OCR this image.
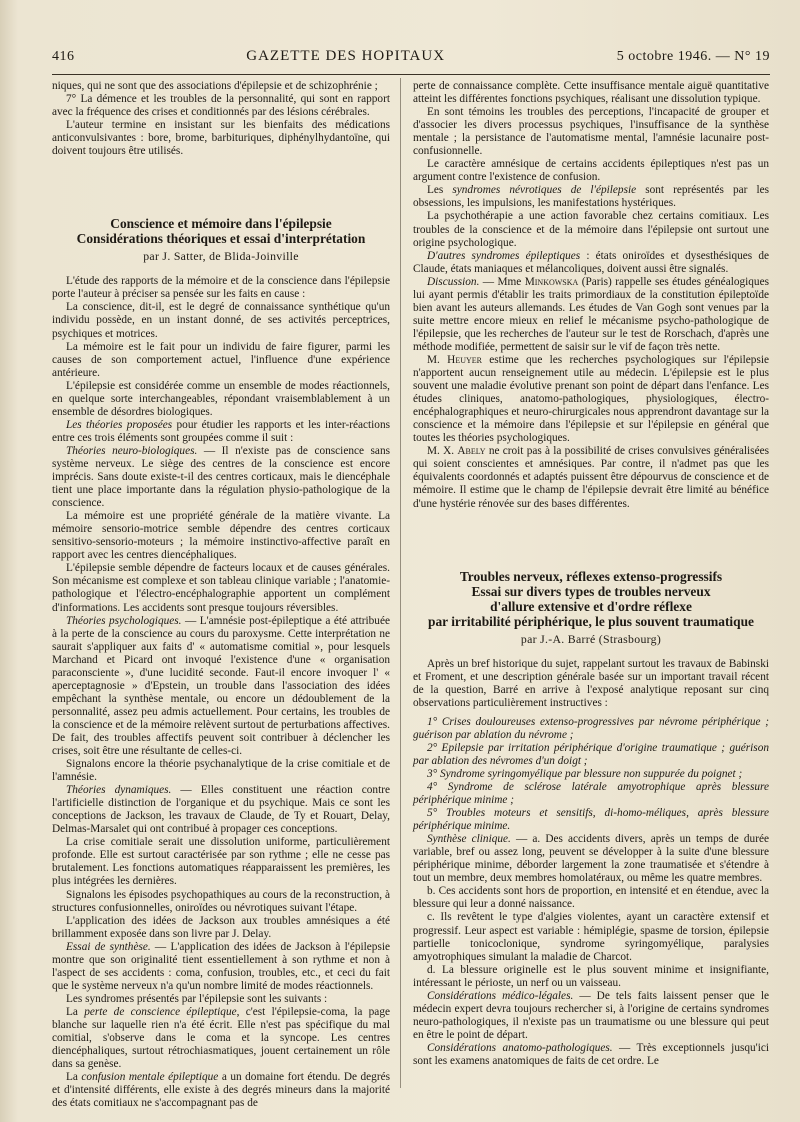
416	GAZETTE DES HOPITAUX	5 octobre 1946. — N° 19

niques, qui ne sont que des associations d'épilepsie et de schizophrénie ;

7° La démence et les troubles de la personnalité, qui sont en rapport avec la fréquence des crises et conditionnés par des lésions cérébrales.

L'auteur termine en insistant sur les bienfaits des médications anticonvulsivantes : bore, brome, barbituriques, diphénylhydantoïne, qui doivent toujours être utilisés.

Conscience et mémoire dans l'épilepsie
Considérations théoriques et essai d'interprétation
par J. Satter, de Blida-Joinville

L'étude des rapports de la mémoire et de la conscience dans l'épilepsie porte l'auteur à préciser sa pensée sur les faits en cause :

La conscience, dit-il, est le degré de connaissance synthétique qu'un individu possède, en un instant donné, de ses activités perceptrices, psychiques et motrices.

La mémoire est le fait pour un individu de faire figurer, parmi les causes de son comportement actuel, l'influence d'une expérience antérieure.

L'épilepsie est considérée comme un ensemble de modes réactionnels, en quelque sorte interchangeables, répondant vraisemblablement à un ensemble de désordres biologiques.

Les théories proposées pour étudier les rapports et les inter-réactions entre ces trois éléments sont groupées comme il suit :

Théories neuro-biologiques. — Il n'existe pas de conscience sans système nerveux. Le siège des centres de la conscience est encore imprécis. Sans doute existe-t-il des centres corticaux, mais le diencéphale tient une place importante dans la régulation physio-pathologique de la conscience.

La mémoire est une propriété générale de la matière vivante. La mémoire sensorio-motrice semble dépendre des centres corticaux sensitivo-sensorio-moteurs ; la mémoire instinctivo-affective paraît en rapport avec les centres diencéphaliques.

L'épilepsie semble dépendre de facteurs locaux et de causes générales. Son mécanisme est complexe et son tableau clinique variable ; l'anatomie-pathologique et l'électro-encéphalographie apportent un complément d'informations. Les accidents sont presque toujours réversibles.

Théories psychologiques. — L'amnésie post-épileptique a été attribuée à la perte de la conscience au cours du paroxysme. Cette interprétation ne saurait s'appliquer aux faits d' « automatisme comitial », pour lesquels Marchand et Picard ont invoqué l'existence d'une « organisation paraconsciente », d'une lucidité seconde. Faut-il encore invoquer l' « aperceptagnosie » d'Epstein, un trouble dans l'association des idées empêchant la synthèse mentale, ou encore un dédoublement de la personnalité, assez peu admis actuellement. Pour certains, les troubles de la conscience et de la mémoire relèvent surtout de perturbations affectives. De fait, des troubles affectifs peuvent soit contribuer à déclencher les crises, soit être une résultante de celles-ci.

Signalons encore la théorie psychanalytique de la crise comitiale et de l'amnésie.

Théories dynamiques. — Elles constituent une réaction contre l'artificielle distinction de l'organique et du psychique. Mais ce sont les conceptions de Jackson, les travaux de Claude, de Ty et Rouart, Delay, Delmas-Marsalet qui ont contribué à propager ces conceptions.

La crise comitiale serait une dissolution uniforme, particulièrement profonde. Elle est surtout caractérisée par son rythme ; elle ne cesse pas brutalement. Les fonctions automatiques réapparaissent les premières, les plus intégrées les dernières.

Signalons les épisodes psychopathiques au cours de la reconstruction, à structures confusionnelles, oniroïdes ou névrotiques suivant l'étape.

L'application des idées de Jackson aux troubles amnésiques a été brillamment exposée dans son livre par J. Delay.

Essai de synthèse. — L'application des idées de Jackson à l'épilepsie montre que son originalité tient essentiellement à son rythme et non à l'aspect de ses accidents : coma, confusion, troubles, etc., et ceci du fait que le système nerveux n'a qu'un nombre limité de modes réactionnels.

Les syndromes présentés par l'épilepsie sont les suivants :

La perte de conscience épileptique, c'est l'épilepsie-coma, la page blanche sur laquelle rien n'a été écrit. Elle n'est pas spécifique du mal comitial, s'observe dans le coma et la syncope. Les centres diencéphaliques, surtout rétrochiasmatiques, jouent certainement un rôle dans sa genèse.

La confusion mentale épileptique a un domaine fort étendu. De degrés et d'intensité différents, elle existe à des degrés mineurs dans la majorité des états comitiaux ne s'accompagnant pas de

perte de connaissance complète. Cette insuffisance mentale aiguë quantitative atteint les différentes fonctions psychiques, réalisant une dissolution typique.

En sont témoins les troubles des perceptions, l'incapacité de grouper et d'associer les divers processus psychiques, l'insuffisance de la synthèse mentale ; la persistance de l'automatisme mental, l'amnésie lacunaire post-confusionnelle.

Le caractère amnésique de certains accidents épileptiques n'est pas un argument contre l'existence de confusion.

Les syndromes névrotiques de l'épilepsie sont représentés par les obsessions, les impulsions, les manifestations hystériques.

La psychothérapie a une action favorable chez certains comitiaux. Les troubles de la conscience et de la mémoire dans l'épilepsie ont surtout une origine psychologique.

D'autres syndromes épileptiques : états oniroïdes et dysesthésiques de Claude, états maniaques et mélancoliques, doivent aussi être signalés.

Discussion. — Mme Minkowska (Paris) rappelle ses études généalogiques lui ayant permis d'établir les traits primordiaux de la constitution épileptoïde bien avant les auteurs allemands. Les études de Van Gogh sont venues par la suite mettre encore mieux en relief le mécanisme psycho-pathologique de l'épilepsie, que les recherches de l'auteur sur le test de Rorschach, d'après une méthode modifiée, permettent de saisir sur le vif de façon très nette.

M. Heuyer estime que les recherches psychologiques sur l'épilepsie n'apportent aucun renseignement utile au médecin. L'épilepsie est le plus souvent une maladie évolutive prenant son point de départ dans l'enfance. Les études cliniques, anatomo-pathologiques, physiologiques, électro-encéphalographiques et neuro-chirurgicales nous apprendront davantage sur la conscience et la mémoire dans l'épilepsie et sur l'épilepsie en général que toutes les théories psychologiques.

M. X. Abely ne croit pas à la possibilité de crises convulsives généralisées qui soient conscientes et amnésiques. Par contre, il n'admet pas que les équivalents coordonnés et adaptés puissent être dépourvus de conscience et de mémoire. Il estime que le champ de l'épilepsie devrait être limité au bénéfice d'une hystérie rénovée sur des bases différentes.

Troubles nerveux, réflexes extenso-progressifs
Essai sur divers types de troubles nerveux
d'allure extensive et d'ordre réflexe
par irritabilité périphérique, le plus souvent traumatique
par J.-A. Barré (Strasbourg)

Après un bref historique du sujet, rappelant surtout les travaux de Babinski et Froment, et une description générale basée sur un important travail récent de la question, Barré en arrive à l'exposé analytique reposant sur cinq observations particulièrement instructives :

1° Crises douloureuses extenso-progressives par névrome périphérique ; guérison par ablation du névrome ;

2° Epilepsie par irritation périphérique d'origine traumatique ; guérison par ablation des névromes d'un doigt ;

3° Syndrome syringomyélique par blessure non suppurée du poignet ;

4° Syndrome de sclérose latérale amyotrophique après blessure périphérique minime ;

5° Troubles moteurs et sensitifs, di-homo-méliques, après blessure périphérique minime.

Synthèse clinique. — a. Des accidents divers, après un temps de durée variable, bref ou assez long, peuvent se développer à la suite d'une blessure périphérique minime, déborder largement la zone traumatisée et s'étendre à tout un membre, deux membres homolatéraux, ou même les quatre membres.

b. Ces accidents sont hors de proportion, en intensité et en étendue, avec la blessure qui leur a donné naissance.

c. Ils revêtent le type d'algies violentes, ayant un caractère extensif et progressif. Leur aspect est variable : hémiplégie, spasme de torsion, épilepsie partielle tonicoclonique, syndrome syringomyélique, paralysies amyotrophiques simulant la maladie de Charcot.

d. La blessure originelle est le plus souvent minime et insignifiante, intéressant le périoste, un nerf ou un vaisseau.

Considérations médico-légales. — De tels faits laissent penser que le médecin expert devra toujours rechercher si, à l'origine de certains syndromes neuro-pathologiques, il n'existe pas un traumatisme ou une blessure qui peut en être le point de départ.

Considérations anatomo-pathologiques. — Très exceptionnels jusqu'ici sont les examens anatomiques de faits de cet ordre. Le
